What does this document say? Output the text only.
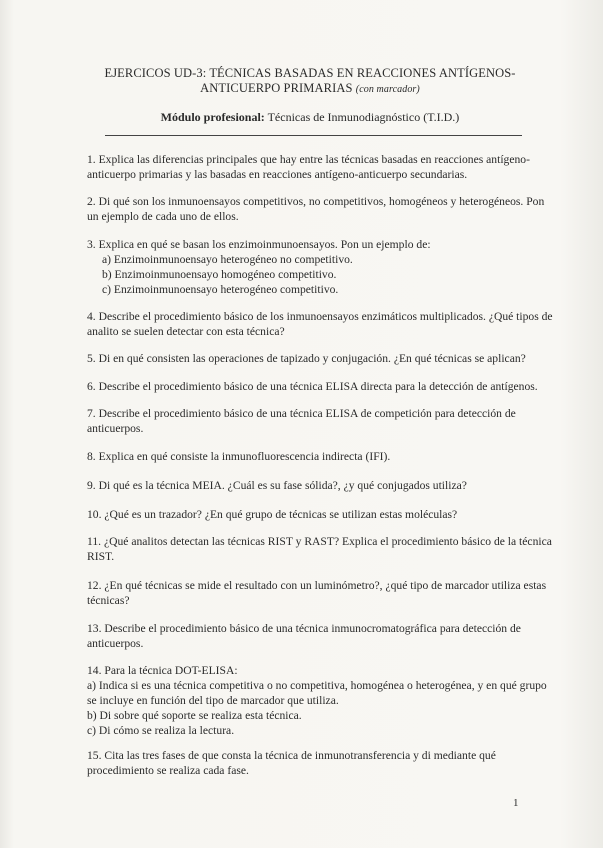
EJERCICOS UD-3: TÉCNICAS BASADAS EN REACCIONES ANTÍGENOS-
ANTICUERPO PRIMARIAS (con marcador)
Módulo profesional: Técnicas de Inmunodiagnóstico (T.I.D.)
1. Explica las diferencias principales que hay entre las técnicas basadas en reacciones antígeno-anticuerpo primarias y las basadas en reacciones antígeno-anticuerpo secundarias.
2. Di qué son los inmunoensayos competitivos, no competitivos, homogéneos y heterogéneos. Pon un ejemplo de cada uno de ellos.
3. Explica en qué se basan los enzimoinmunoensayos. Pon un ejemplo de:
a) Enzimoinmunoensayo heterogéneo no competitivo.
b) Enzimoinmunoensayo homogéneo competitivo.
c) Enzimoinmunoensayo heterogéneo competitivo.
4. Describe el procedimiento básico de los inmunoensayos enzimáticos multiplicados. ¿Qué tipos de analito se suelen detectar con esta técnica?
5. Di en qué consisten las operaciones de tapizado y conjugación. ¿En qué técnicas se aplican?
6. Describe el procedimiento básico de una técnica ELISA directa para la detección de antígenos.
7. Describe el procedimiento básico de una técnica ELISA de competición para detección de anticuerpos.
8. Explica en qué consiste la inmunofluorescencia indirecta (IFI).
9. Di qué es la técnica MEIA. ¿Cuál es su fase sólida?, ¿y qué conjugados utiliza?
10. ¿Qué es un trazador? ¿En qué grupo de técnicas se utilizan estas moléculas?
11. ¿Qué analitos detectan las técnicas RIST y RAST? Explica el procedimiento básico de la técnica RIST.
12. ¿En qué técnicas se mide el resultado con un luminómetro?, ¿qué tipo de marcador utiliza estas técnicas?
13. Describe el procedimiento básico de una técnica inmunocromatográfica para detección de anticuerpos.
14. Para la técnica DOT-ELISA:
a) Indica si es una técnica competitiva o no competitiva, homogénea o heterogénea, y en qué grupo se incluye en función del tipo de marcador que utiliza.
b) Di sobre qué soporte se realiza esta técnica.
c) Di cómo se realiza la lectura.
15. Cita las tres fases de que consta la técnica de inmunotransferencia y di mediante qué procedimiento se realiza cada fase.
1
